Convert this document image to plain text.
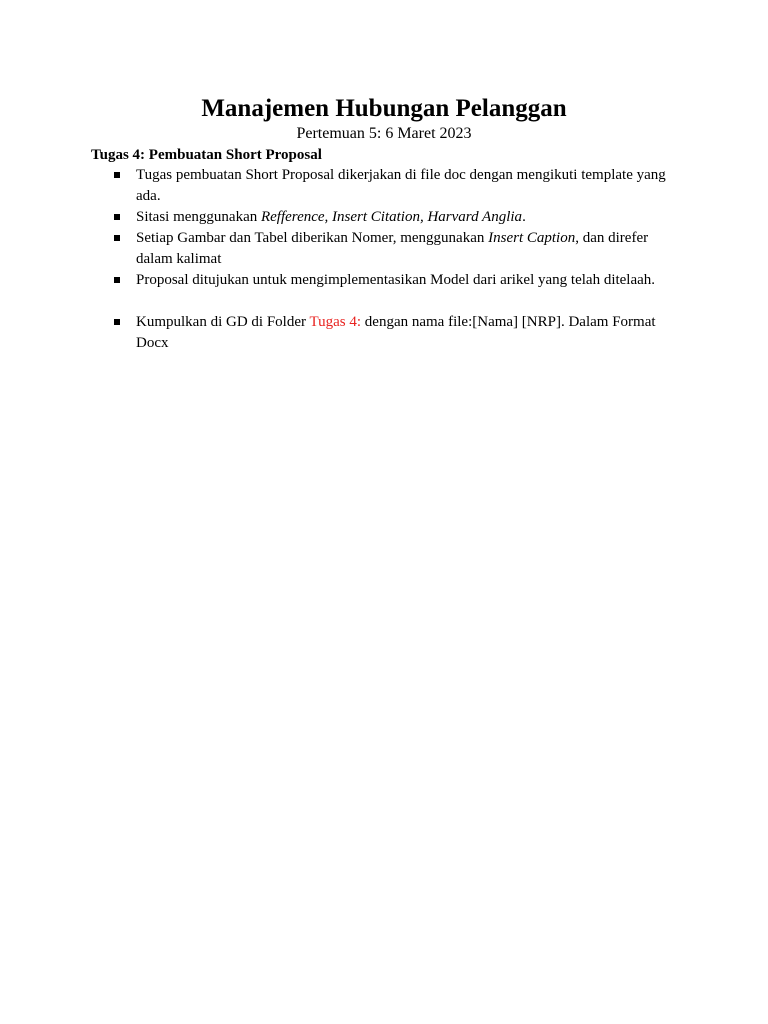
Manajemen Hubungan Pelanggan

Pertemuan 5: 6 Maret 2023

Tugas 4: Pembuatan Short Proposal

Tugas pembuatan Short Proposal dikerjakan di file doc dengan mengikuti template yang ada.
Sitasi menggunakan Refference, Insert Citation, Harvard Anglia.
Setiap Gambar dan Tabel diberikan Nomer, menggunakan Insert Caption, dan direfer dalam kalimat
Proposal ditujukan untuk mengimplementasikan Model dari arikel yang telah ditelaah.
Kumpulkan di GD di Folder Tugas 4: dengan nama file:[Nama] [NRP]. Dalam Format Docx
